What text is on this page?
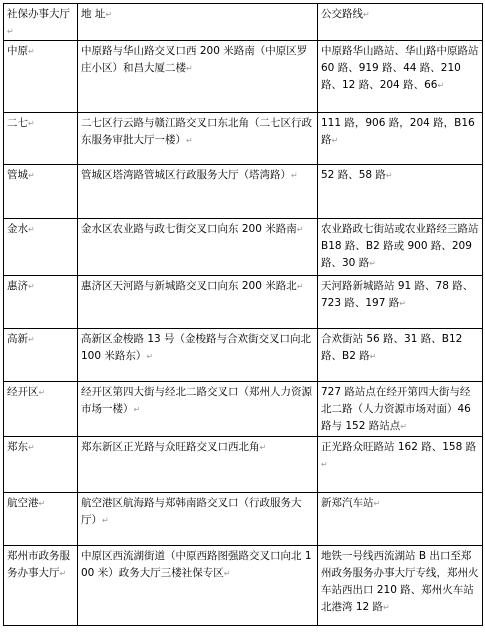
社保办事大厅↵	地 址↵	公交路线↵
中原↵	中原路与华山路交叉口西 200 米路南（中原区罗庄小区）和昌大厦二楼↵	中原路华山路站、华山路中原路站 60 路、919 路、44 路、210 路、12 路、204 路、66↵
二七↵	二七区行云路与赣江路交叉口东北角（二七区行政东服务审批大厅一楼）↵	111 路，906 路，204 路，B16 路↵
管城↵	管城区塔湾路管城区行政服务大厅（塔湾路）↵	52 路、58 路↵
金水↵	金水区农业路与政七街交叉口向东 200 米路南↵	农业路政七街站或农业路经三路站 B18 路、B2 路或 900 路、209 路、30 路↵
惠济↵	惠济区天河路与新城路交叉口向东 200 米路北↵	天河路新城路站 91 路、78 路、723 路、197 路↵
高新↵	高新区金梭路 13 号（金梭路与合欢街交叉口向北 100 米路东）↵	合欢街站 56 路、31 路、B12 路、B2 路↵
经开区↵	经开区第四大街与经北二路交叉口（郑州人力资源市场一楼）↵	727 路站点在经开第四大街与经北二路（人力资源市场对面）46 路与 152 路站点↵
郑东↵	郑东新区正光路与众旺路交叉口西北角↵	正光路众旺路站 162 路、158 路↵
航空港↵	航空港区航海路与郑韩南路交叉口（行政服务大厅）↵	新郑汽车站↵
郑州市政务服务办事大厅↵	中原区西流湖街道（中原西路图强路交叉口向北 100 米）政务大厅三楼社保专区↵	地铁一号线西流湖站 B 出口至郑州政务服务办事大厅专线，郑州火车站西出口 210 路、郑州火车站北港湾 12 路↵
